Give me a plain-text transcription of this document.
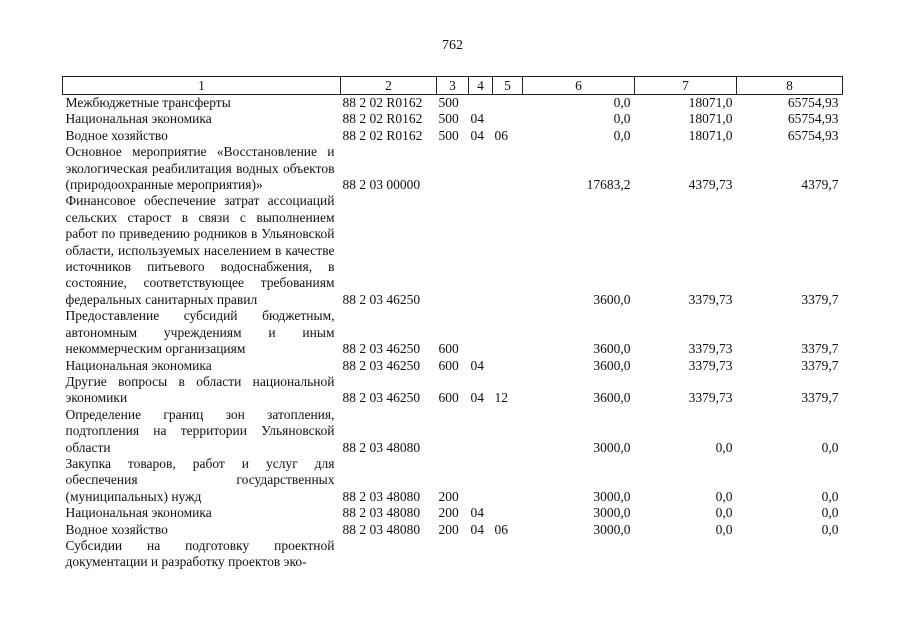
762
1	2	3	4	5	6	7	8
Межбюджетные трансферты	88 2 02 R0162	500			0,0	18071,0	65754,93
Национальная экономика	88 2 02 R0162	500	04		0,0	18071,0	65754,93
Водное хозяйство	88 2 02 R0162	500	04	06	0,0	18071,0	65754,93
Основное мероприятие «Восстановление и экологическая реабилитация водных объектов (природоохранные мероприятия)»	88 2 03 00000				17683,2	4379,73	4379,7
Финансовое обеспечение затрат ассоциаций сельских старост в связи с выполнением работ по приведению родников в Ульяновской области, используемых населением в качестве источников питьевого водоснабжения, в состояние, соответствующее требованиям федеральных санитарных правил	88 2 03 46250				3600,0	3379,73	3379,7
Предоставление субсидий бюджетным, автономным учреждениям и иным некоммерческим организациям	88 2 03 46250	600			3600,0	3379,73	3379,7
Национальная экономика	88 2 03 46250	600	04		3600,0	3379,73	3379,7
Другие вопросы в области национальной экономики	88 2 03 46250	600	04	12	3600,0	3379,73	3379,7
Определение границ зон затопления, подтопления на территории Ульяновской области	88 2 03 48080				3000,0	0,0	0,0
Закупка товаров, работ и услуг для обеспечения государственных (муниципальных) нужд	88 2 03 48080	200			3000,0	0,0	0,0
Национальная экономика	88 2 03 48080	200	04		3000,0	0,0	0,0
Водное хозяйство	88 2 03 48080	200	04	06	3000,0	0,0	0,0
Субсидии на подготовку проектной документации и разработку проектов эко-							
